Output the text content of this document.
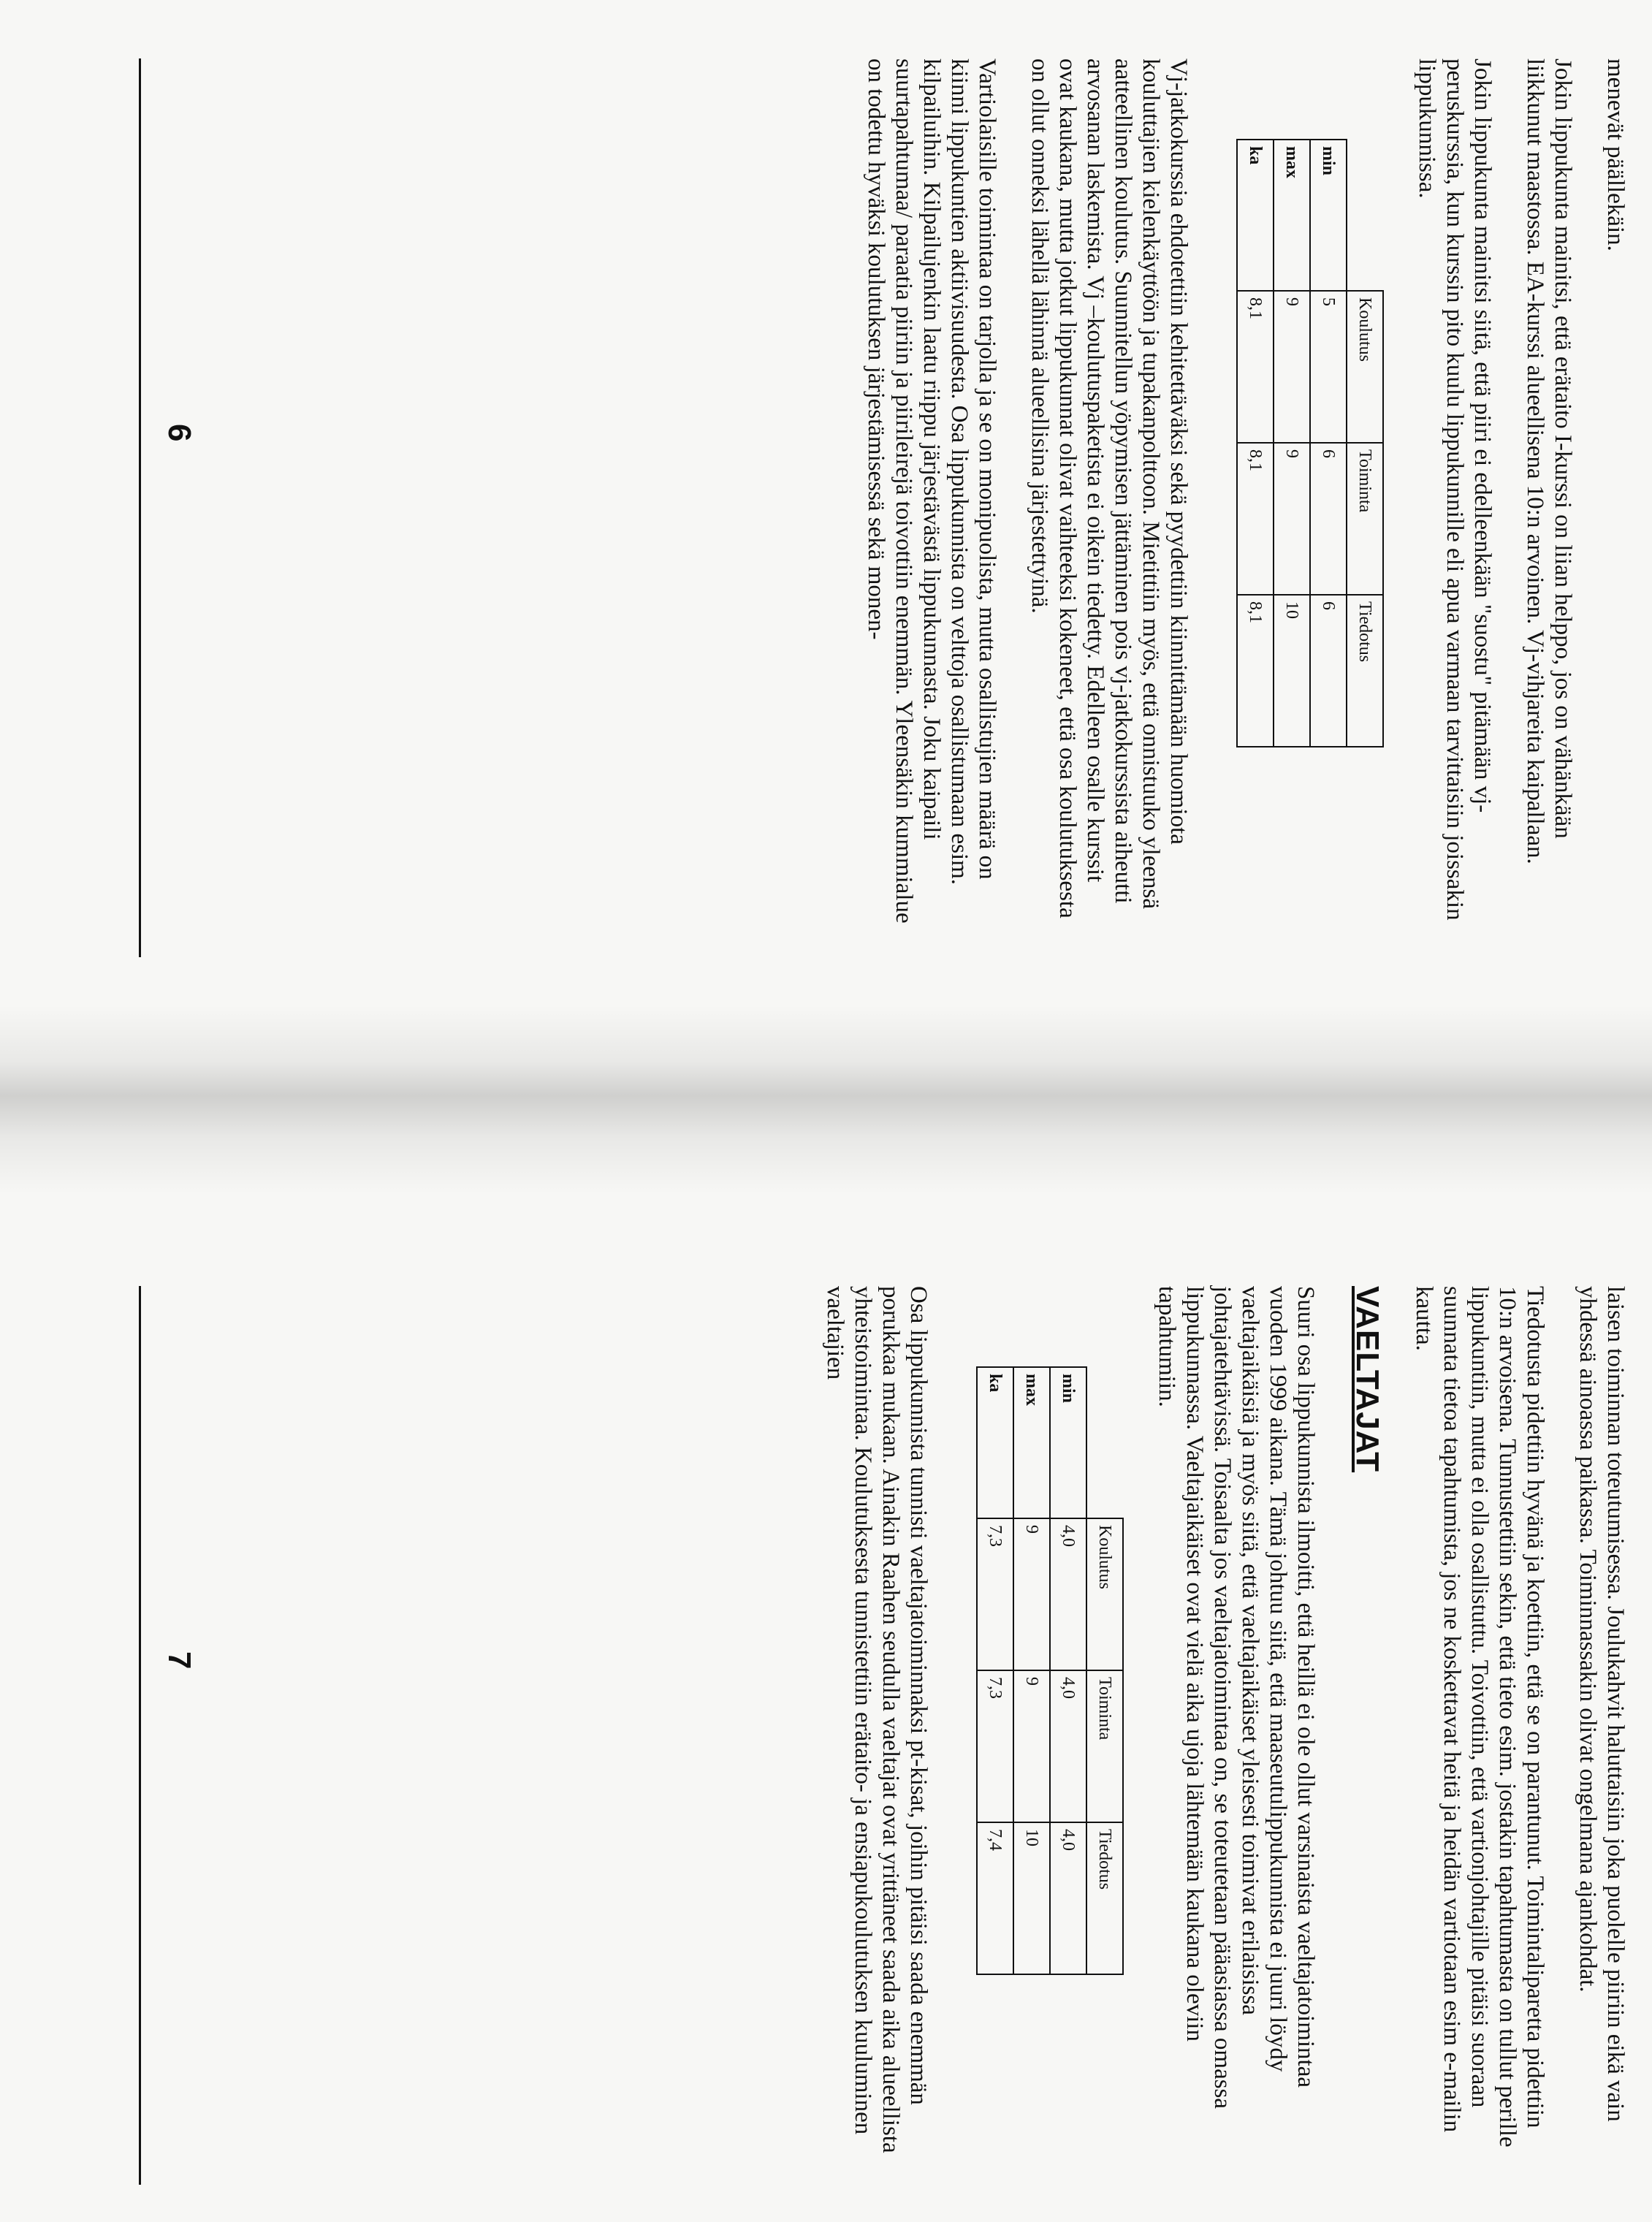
menevät päällekäin.

Jokin lippukunta mainitsi, että erätaito I-kurssi on liian helppo, jos on vähänkään liikkunut maastossa. EA-kurssi alueellisena 10:n arvoinen. Vj-vihjareita kaipallaan.

Jokin lippukunta mainitsi siitä, että piiri ei edelleenkään "suostu" pitämään vj-peruskurssia, kun kurssin pito kuulu lippukunnille eli apua varmaan tarvittaisiin joissakin lippukunnissa.

	Koulutus	Toiminta	Tiedotus
min	5	6	6
max	9	9	10
ka	8,1	8,1	8,1

Vj-jatkokurssia ehdotettiin kehitettäväksi sekä pyydettiin kiinnittämään huomiota kouluttajien kielenkäyttöön ja tupakanpolttoon. Mietittiin myös, että onnistuuko yleensä aatteellinen koulutus. Suunnitellun yöpymisen jättäminen pois vj-jatkokurssista aiheutti arvosanan laskemista. Vj –koulutuspaketista ei oikein tiedetty. Edelleen osalle kurssit ovat kaukana, mutta jotkut lippukunnat olivat vaihteeksi kokeneet, että osa koulutuksesta on ollut onneksi lähellä lähinnä alueellisina järjestettyinä.

Vartiolaisille toimintaa on tarjolla ja se on monipuolista, mutta osallistujien määrä on kiinni lippukuntien aktiivisuudesta. Osa lippukunnista on velttoja osallistumaan esim. kilpailuihin. Kilpailujenkin laatu riippu järjestävästä lippukunnasta. Joku kaipaili suurtapahtumaa/ paraatia piiriin ja piirileirejä toivottiin enemmän. Yleensäkin kummialue on todettu hyväksi koulutuksen järjestämisessä sekä monen-

6

laisen toiminnan toteutumisessa. Joulukahvit haluttaisiin joka puolelle piiriin eikä vain yhdessä ainoassa paikassa. Toiminnassakin olivat ongelmana ajankohdat.

Tiedotusta pidettiin hyvänä ja koettiin, että se on parantunut. Toimintaliparetta pidettiin 10:n arvoisena. Tunnustettiin sekin, että tieto esim. jostakin tapahtumasta on tullut perille lippukuntiin, mutta ei olla osallistuttu. Toivottiin, että vartionjohtajille pitäisi suoraan suunnata tietoa tapahtumista, jos ne koskettavat heitä ja heidän vartiotaan esim e-mailin kautta.

VAELTAJAT

Suuri osa lippukunnista ilmoitti, että heillä ei ole ollut varsinaista vaeltajatoimintaa vuoden 1999 aikana. Tämä johtuu siitä, että maaseutulippukunnista ei juuri löydy vaeltajaikäisiä ja myös siitä, että vaeltajaikäiset yleisesti toimivat erilaisissa johtajatehtävissä. Toisaalta jos vaeltajatoimintaa on, se toteutetaan pääasiassa omassa lippukunnassa. Vaeltajaikäiset ovat vielä aika ujoja lähtemään kaukana oleviin tapahtumiin.

	Koulutus	Toiminta	Tiedotus
min	4,0	4,0	4,0
max	9	9	10
ka	7,3	7,3	7,4

Osa lippukunnista tunnisti vaeltajatoiminnaksi pt-kisat, joihin pitäisi saada enemmän porukkaa mukaan. Ainakin Raahen seudulla vaeltajat ovat yrittäneet saada aika alueellista yhteistoimintaa. Koulutuksesta tunnistettiin erätaito- ja ensiapukoulutuksen kuuluminen vaeltajien

7
